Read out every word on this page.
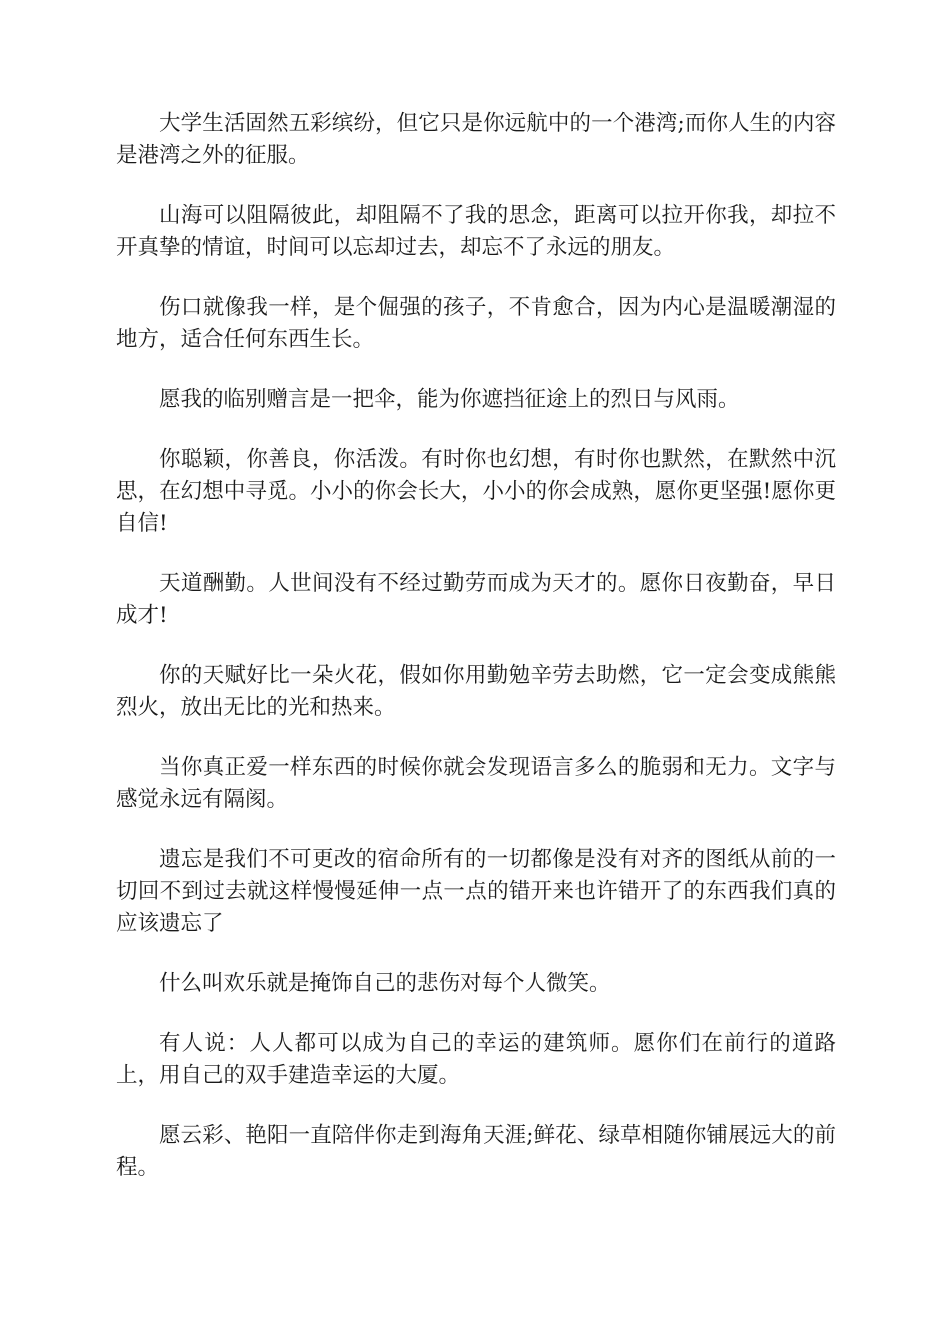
大学生活固然五彩缤纷，但它只是你远航中的一个港湾;而你人生的内容是港湾之外的征服。

山海可以阻隔彼此，却阻隔不了我的思念，距离可以拉开你我，却拉不开真挚的情谊，时间可以忘却过去，却忘不了永远的朋友。

伤口就像我一样，是个倔强的孩子，不肯愈合，因为内心是温暖潮湿的地方，适合任何东西生长。

愿我的临别赠言是一把伞，能为你遮挡征途上的烈日与风雨。

你聪颖，你善良，你活泼。有时你也幻想，有时你也默然，在默然中沉思，在幻想中寻觅。小小的你会长大，小小的你会成熟，愿你更坚强!愿你更自信!

天道酬勤。人世间没有不经过勤劳而成为天才的。愿你日夜勤奋，早日成才!

你的天赋好比一朵火花，假如你用勤勉辛劳去助燃，它一定会变成熊熊烈火，放出无比的光和热来。

当你真正爱一样东西的时候你就会发现语言多么的脆弱和无力。文字与感觉永远有隔阂。

遗忘是我们不可更改的宿命所有的一切都像是没有对齐的图纸从前的一切回不到过去就这样慢慢延伸一点一点的错开来也许错开了的东西我们真的应该遗忘了

什么叫欢乐就是掩饰自己的悲伤对每个人微笑。

有人说：人人都可以成为自己的幸运的建筑师。愿你们在前行的道路上，用自己的双手建造幸运的大厦。

愿云彩、艳阳一直陪伴你走到海角天涯;鲜花、绿草相随你铺展远大的前程。
